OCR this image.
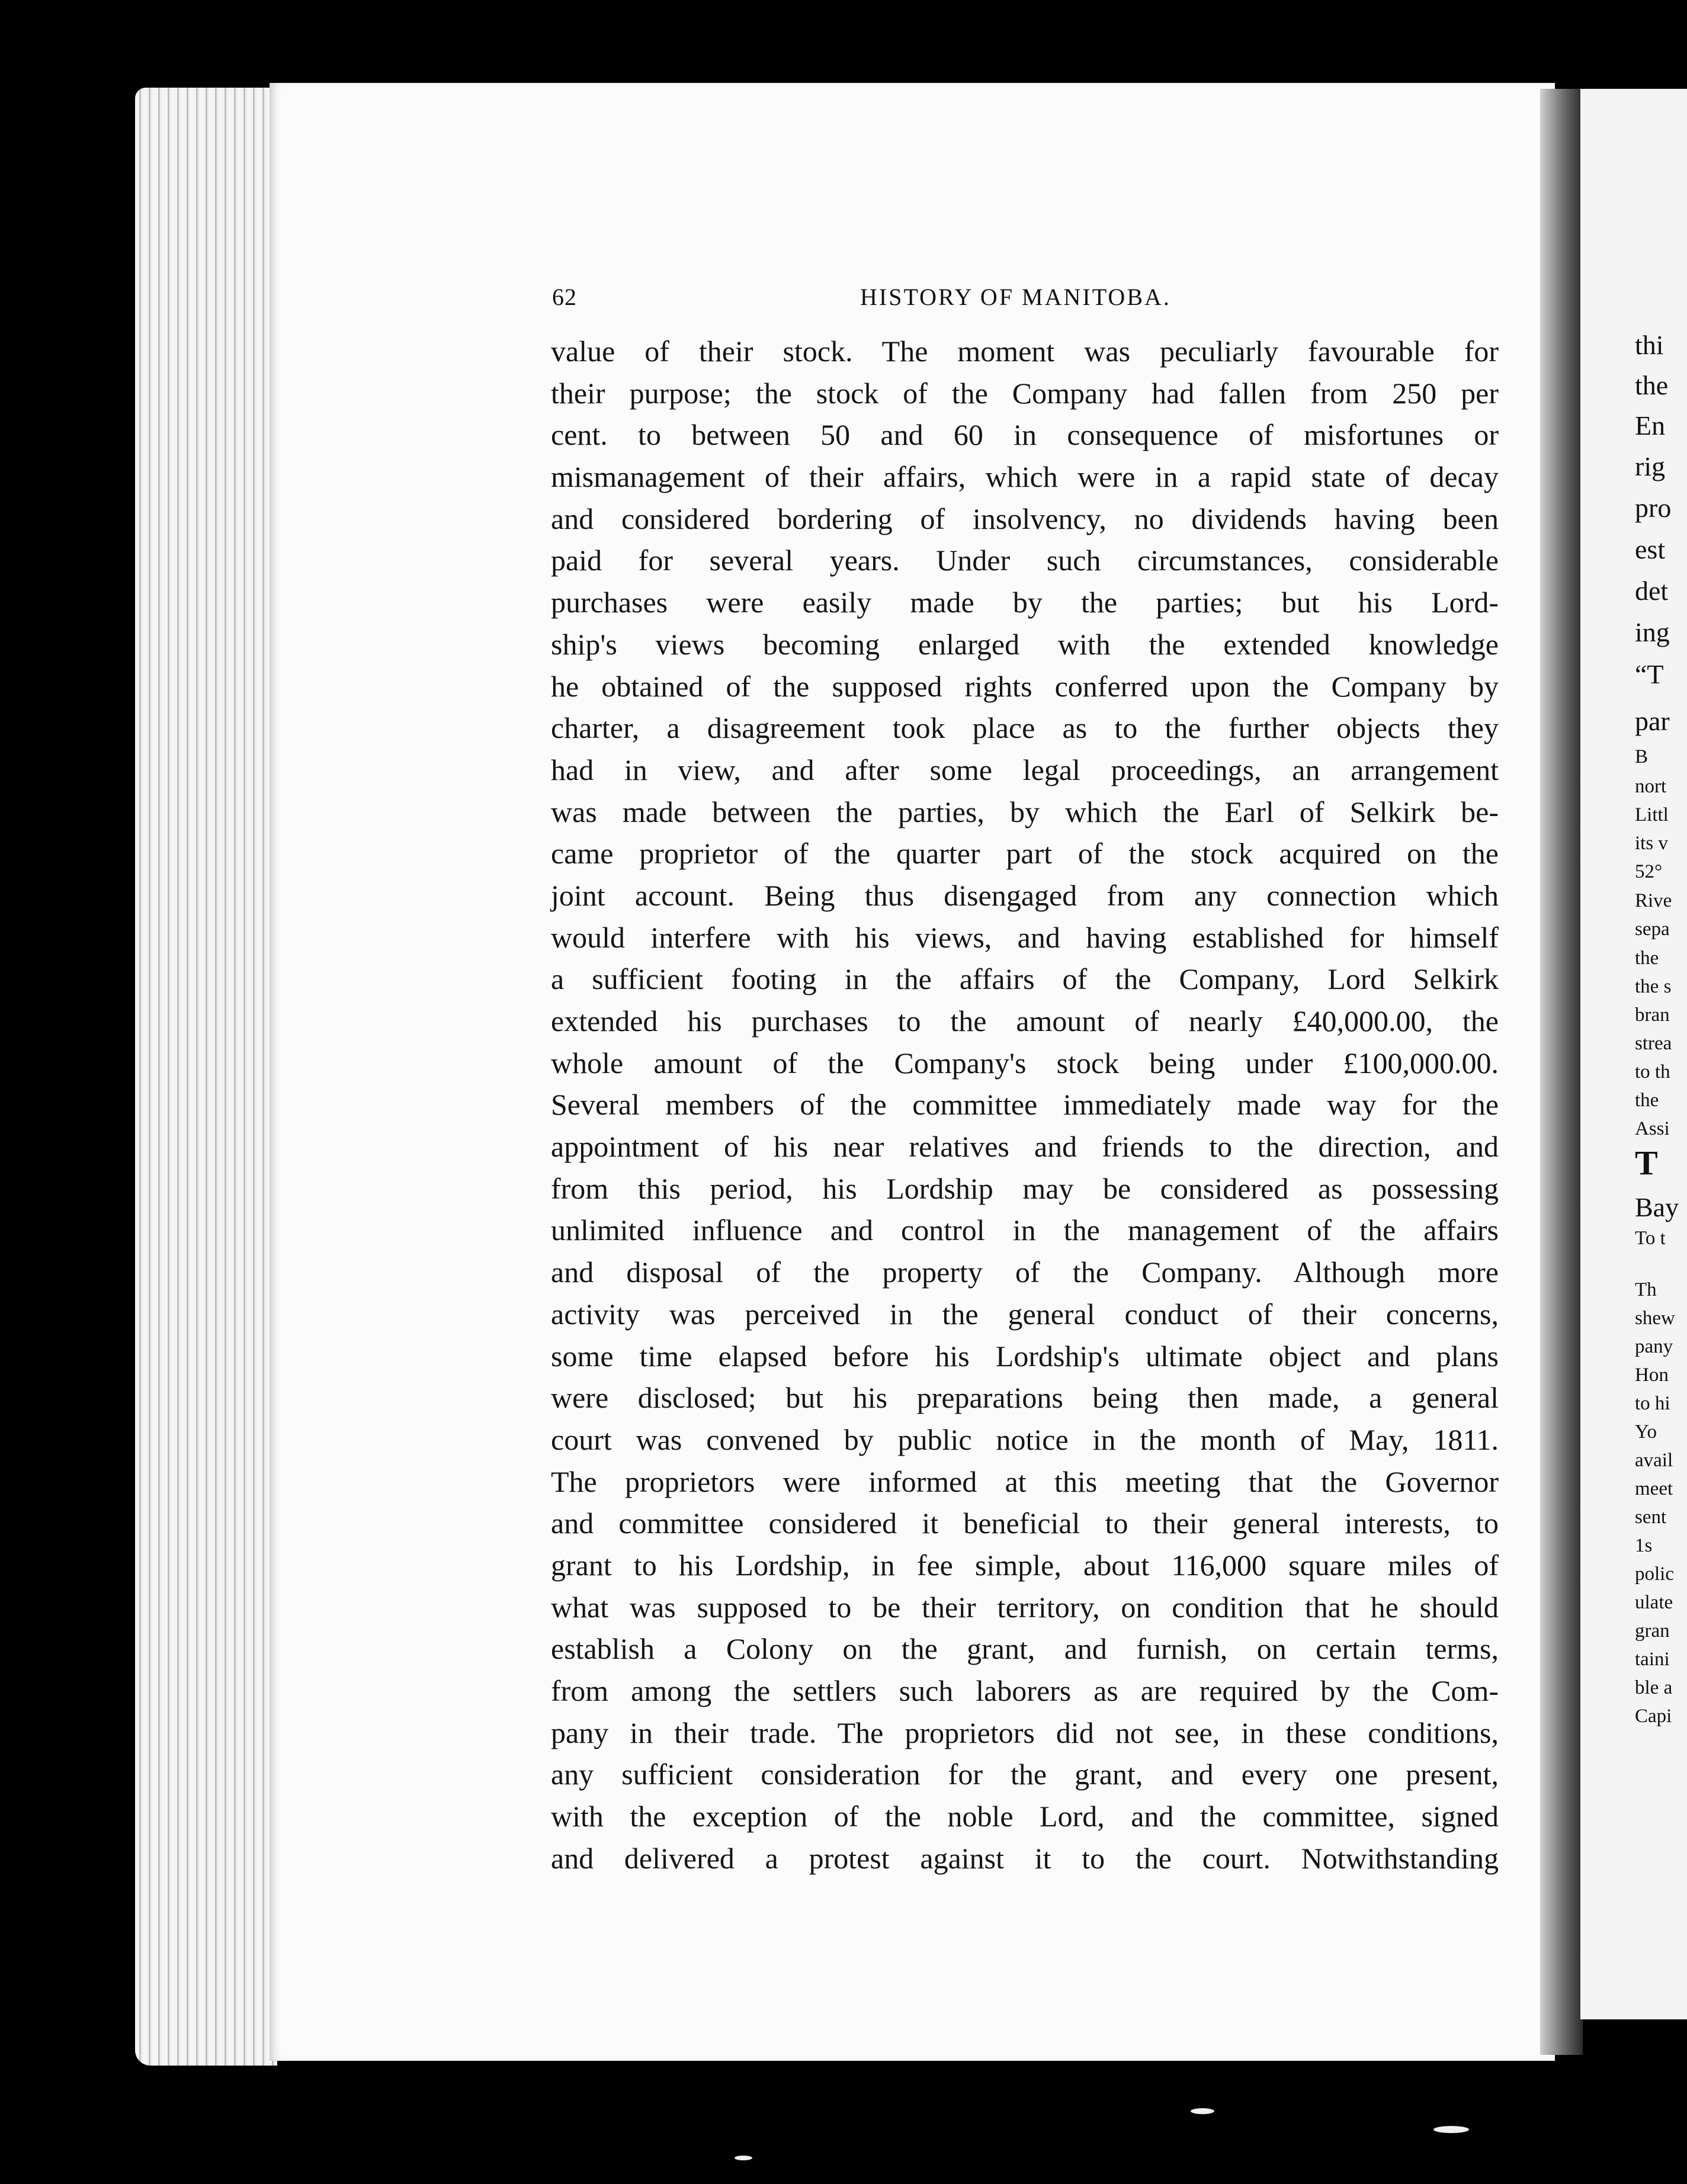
thi
the
En
rig
pro
est
det
ing
“T
par
B
nort
Littl
its v
52°
Rive
sepa
the
the s
bran
strea
to th
the
Assi
T
Bay
To t
Th
shew
pany
Hon
to hi
Yo
avail
meet
sent
1s
polic
ulate
gran
taini
ble a
Capi
62	HISTORY OF MANITOBA.
value of their stock. The moment was peculiarly favourable for
their purpose; the stock of the Company had fallen from 250 per
cent. to between 50 and 60 in consequence of misfortunes or
mismanagement of their affairs, which were in a rapid state of decay
and considered bordering of insolvency, no dividends having been
paid for several years. Under such circumstances, considerable
purchases were easily made by the parties; but his Lord-
ship's views becoming enlarged with the extended knowledge
he obtained of the supposed rights conferred upon the Company by
charter, a disagreement took place as to the further objects they
had in view, and after some legal proceedings, an arrangement
was made between the parties, by which the Earl of Selkirk be-
came proprietor of the quarter part of the stock acquired on the
joint account. Being thus disengaged from any connection which
would interfere with his views, and having established for himself
a sufficient footing in the affairs of the Company, Lord Selkirk
extended his purchases to the amount of nearly £40,000.00, the
whole amount of the Company's stock being under £100,000.00.
Several members of the committee immediately made way for the
appointment of his near relatives and friends to the direction, and
from this period, his Lordship may be considered as possessing
unlimited influence and control in the management of the affairs
and disposal of the property of the Company. Although more
activity was perceived in the general conduct of their concerns,
some time elapsed before his Lordship's ultimate object and plans
were disclosed; but his preparations being then made, a general
court was convened by public notice in the month of May, 1811.
The proprietors were informed at this meeting that the Governor
and committee considered it beneficial to their general interests, to
grant to his Lordship, in fee simple, about 116,000 square miles of
what was supposed to be their territory, on condition that he should
establish a Colony on the grant, and furnish, on certain terms,
from among the settlers such laborers as are required by the Com-
pany in their trade. The proprietors did not see, in these conditions,
any sufficient consideration for the grant, and every one present,
with the exception of the noble Lord, and the committee, signed
and delivered a protest against it to the court. Notwithstanding
